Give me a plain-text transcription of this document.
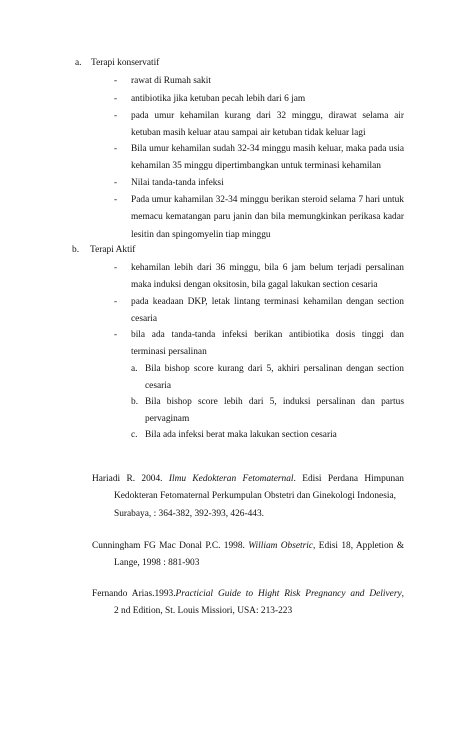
a. Terapi konservatif
- rawat di Rumah sakit
- antibiotika jika ketuban pecah lebih dari 6 jam
- pada umur kehamilan kurang dari 32 minggu, dirawat selama air ketuban masih keluar atau sampai air ketuban tidak keluar lagi
- Bila umur kehamilan sudah 32-34 minggu masih keluar, maka pada usia kehamilan 35 minggu dipertimbangkan untuk terminasi kehamilan
- Nilai tanda-tanda infeksi
- Pada umur kahamilan 32-34 minggu berikan steroid selama 7 hari untuk memacu kematangan paru janin dan bila memungkinkan perikasa kadar lesitin dan spingomyelin tiap minggu
b. Terapi Aktif
- kehamilan lebih dari 36 minggu, bila 6 jam belum terjadi persalinan maka induksi dengan oksitosin, bila gagal lakukan section cesaria
- pada keadaan DKP, letak lintang terminasi kehamilan dengan section cesaria
- bila ada tanda-tanda infeksi berikan antibiotika dosis tinggi dan terminasi persalinan
a. Bila bishop score kurang dari 5, akhiri persalinan dengan section cesaria
b. Bila bishop score lebih dari 5, induksi persalinan dan partus pervaginam
c. Bila ada infeksi berat maka lakukan section cesaria
Hariadi R. 2004. Ilmu Kedokteran Fetomaternal. Edisi Perdana Himpunan
Kedokteran Fetomaternal Perkumpulan Obstetri dan Ginekologi Indonesia,
Surabaya, : 364-382, 392-393, 426-443.
Cunningham FG Mac Donal P.C. 1998. William Obsetric, Edisi 18, Appletion &
Lange, 1998 : 881-903
Fernando Arias.1993.Practicial Guide to Hight Risk Pregnancy and Delivery,
2 nd Edition, St. Louis Missiori, USA: 213-223
